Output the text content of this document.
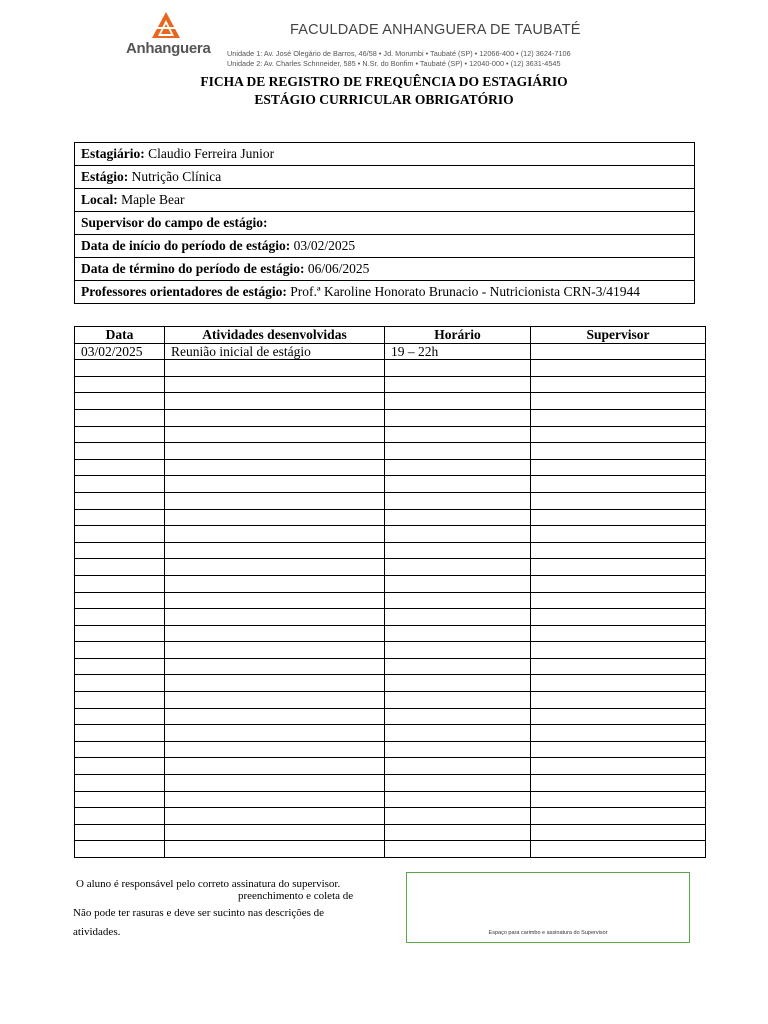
Anhanguera
FACULDADE ANHANGUERA DE TAUBATÉ
Unidade 1: Av. José Olegário de Barros, 46/58 • Jd. Morumbi • Taubaté (SP) • 12066-400 • (12) 3624-7106
Unidade 2: Av. Charles Schnneider, 585 • N.Sr. do Bonfim • Taubaté (SP) • 12040-000 • (12) 3631-4545
FICHA DE REGISTRO DE FREQUÊNCIA DO ESTAGIÁRIO
ESTÁGIO CURRICULAR OBRIGATÓRIO
Estagiário: Claudio Ferreira Junior
Estágio: Nutrição Clínica
Local: Maple Bear
Supervisor do campo de estágio:
Data de início do período de estágio: 03/02/2025
Data de término do período de estágio: 06/06/2025
Professores orientadores de estágio: Prof.ª Karoline Honorato Brunacio - Nutricionista CRN-3/41944
Data	Atividades desenvolvidas	Horário	Supervisor
03/02/2025	Reunião inicial de estágio	19 – 22h	

O aluno é responsável pelo correto assinatura do supervisor.
preenchimento e coleta de
Não pode ter rasuras e deve ser sucinto nas descrições de
atividades.	Espaço para carimbo e assinatura do Supervisor
